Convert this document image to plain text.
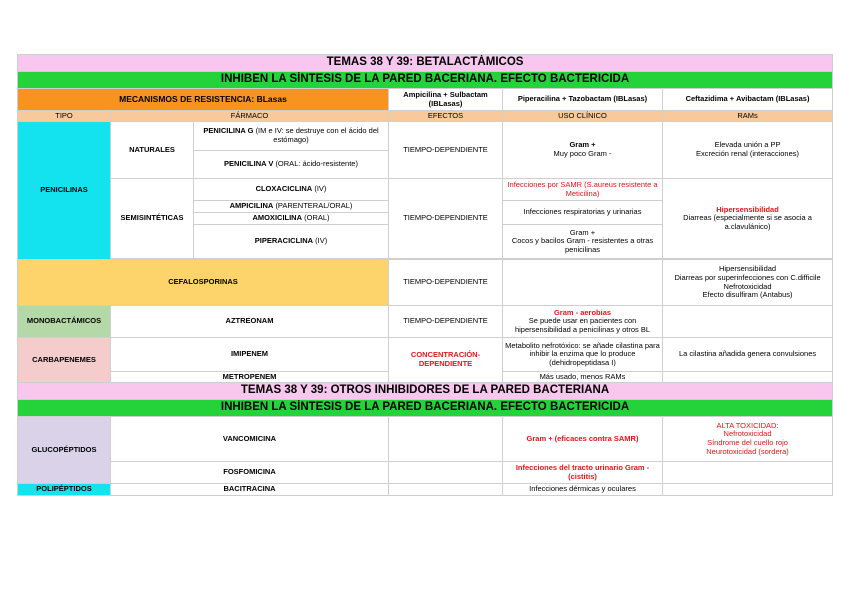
TEMAS 38 Y 39: BETALACTÁMICOS					
INHIBEN LA SÍNTESIS DE LA PARED BACERIANA. EFECTO BACTERICIDA					
MECANISMOS DE RESISTENCIA: BLasas			Ampicilina + Sulbactam (IBLasas)	Piperacilina + Tazobactam (IBLasas)	Ceftazidima + Avibactam (IBLasas)
TIPO	FÁRMACO		EFECTOS	USO CLÍNICO	RAMs
PENICILINAS	NATURALES	PENICILINA G (IM e IV: se destruye con el ácido del estómago)	TIEMPO-DEPENDIENTE	Gram +
Muy poco Gram -	Elevada unión a PP
Excreción renal (interacciones)

		PENICILINA V (ORAL: ácido-resistente)			
	SEMISINTÉTICAS	CLOXACICLINA (IV)	TIEMPO-DEPENDIENTE	Infecciones por SAMR (S.aureus resistente a Meticilina)	Hipersensibilidad
Diarreas (especialmente si se asocia a a.clavulánico)

		AMPICILINA (PARENTERAL/ORAL)		Infecciones respiratorias y urinarias	
		AMOXICILINA (ORAL)			
		PIPERACICLINA (IV)		Gram +
Cocos y bacilos Gram - resistentes a otras penicilinas	

CEFALOSPORINAS			TIEMPO-DEPENDIENTE		Hipersensibilidad
Diarreas por superinfecciones con C.difficile
Nefrotoxicidad
Efecto disulfiram (Antabus)

MONOBACTÁMICOS	AZTREONAM		TIEMPO-DEPENDIENTE	Gram - aerobias
Se puede usar en pacientes con hipersensibilidad a penicilinas y otros BL	

CARBAPENEMES	IMIPENEM		CONCENTRACIÓN-DEPENDIENTE	Metabolito nefrotóxico: se añade cilastina para inhibir la enzima que lo produce (dehidropeptidasa I)	La cilastina añadida genera convulsiones
	METROPENEM			Más usado, menos RAMs	
TEMAS 38 Y 39: OTROS INHIBIDORES DE LA PARED BACTERIANA					
INHIBEN LA SÍNTESIS DE LA PARED BACERIANA. EFECTO BACTERICIDA					
GLUCOPÉPTIDOS	VANCOMICINA			Gram + (eficaces contra SAMR)	ALTA TOXICIDAD:
Nefrotoxicidad
Síndrome del cuello rojo
Neurotoxicidad (sordera)

	FOSFOMICINA			Infecciones del tracto urinario Gram - (cistitis)	
POLIPÉPTIDOS	BACITRACINA			Infecciones dérmicas y oculares	
